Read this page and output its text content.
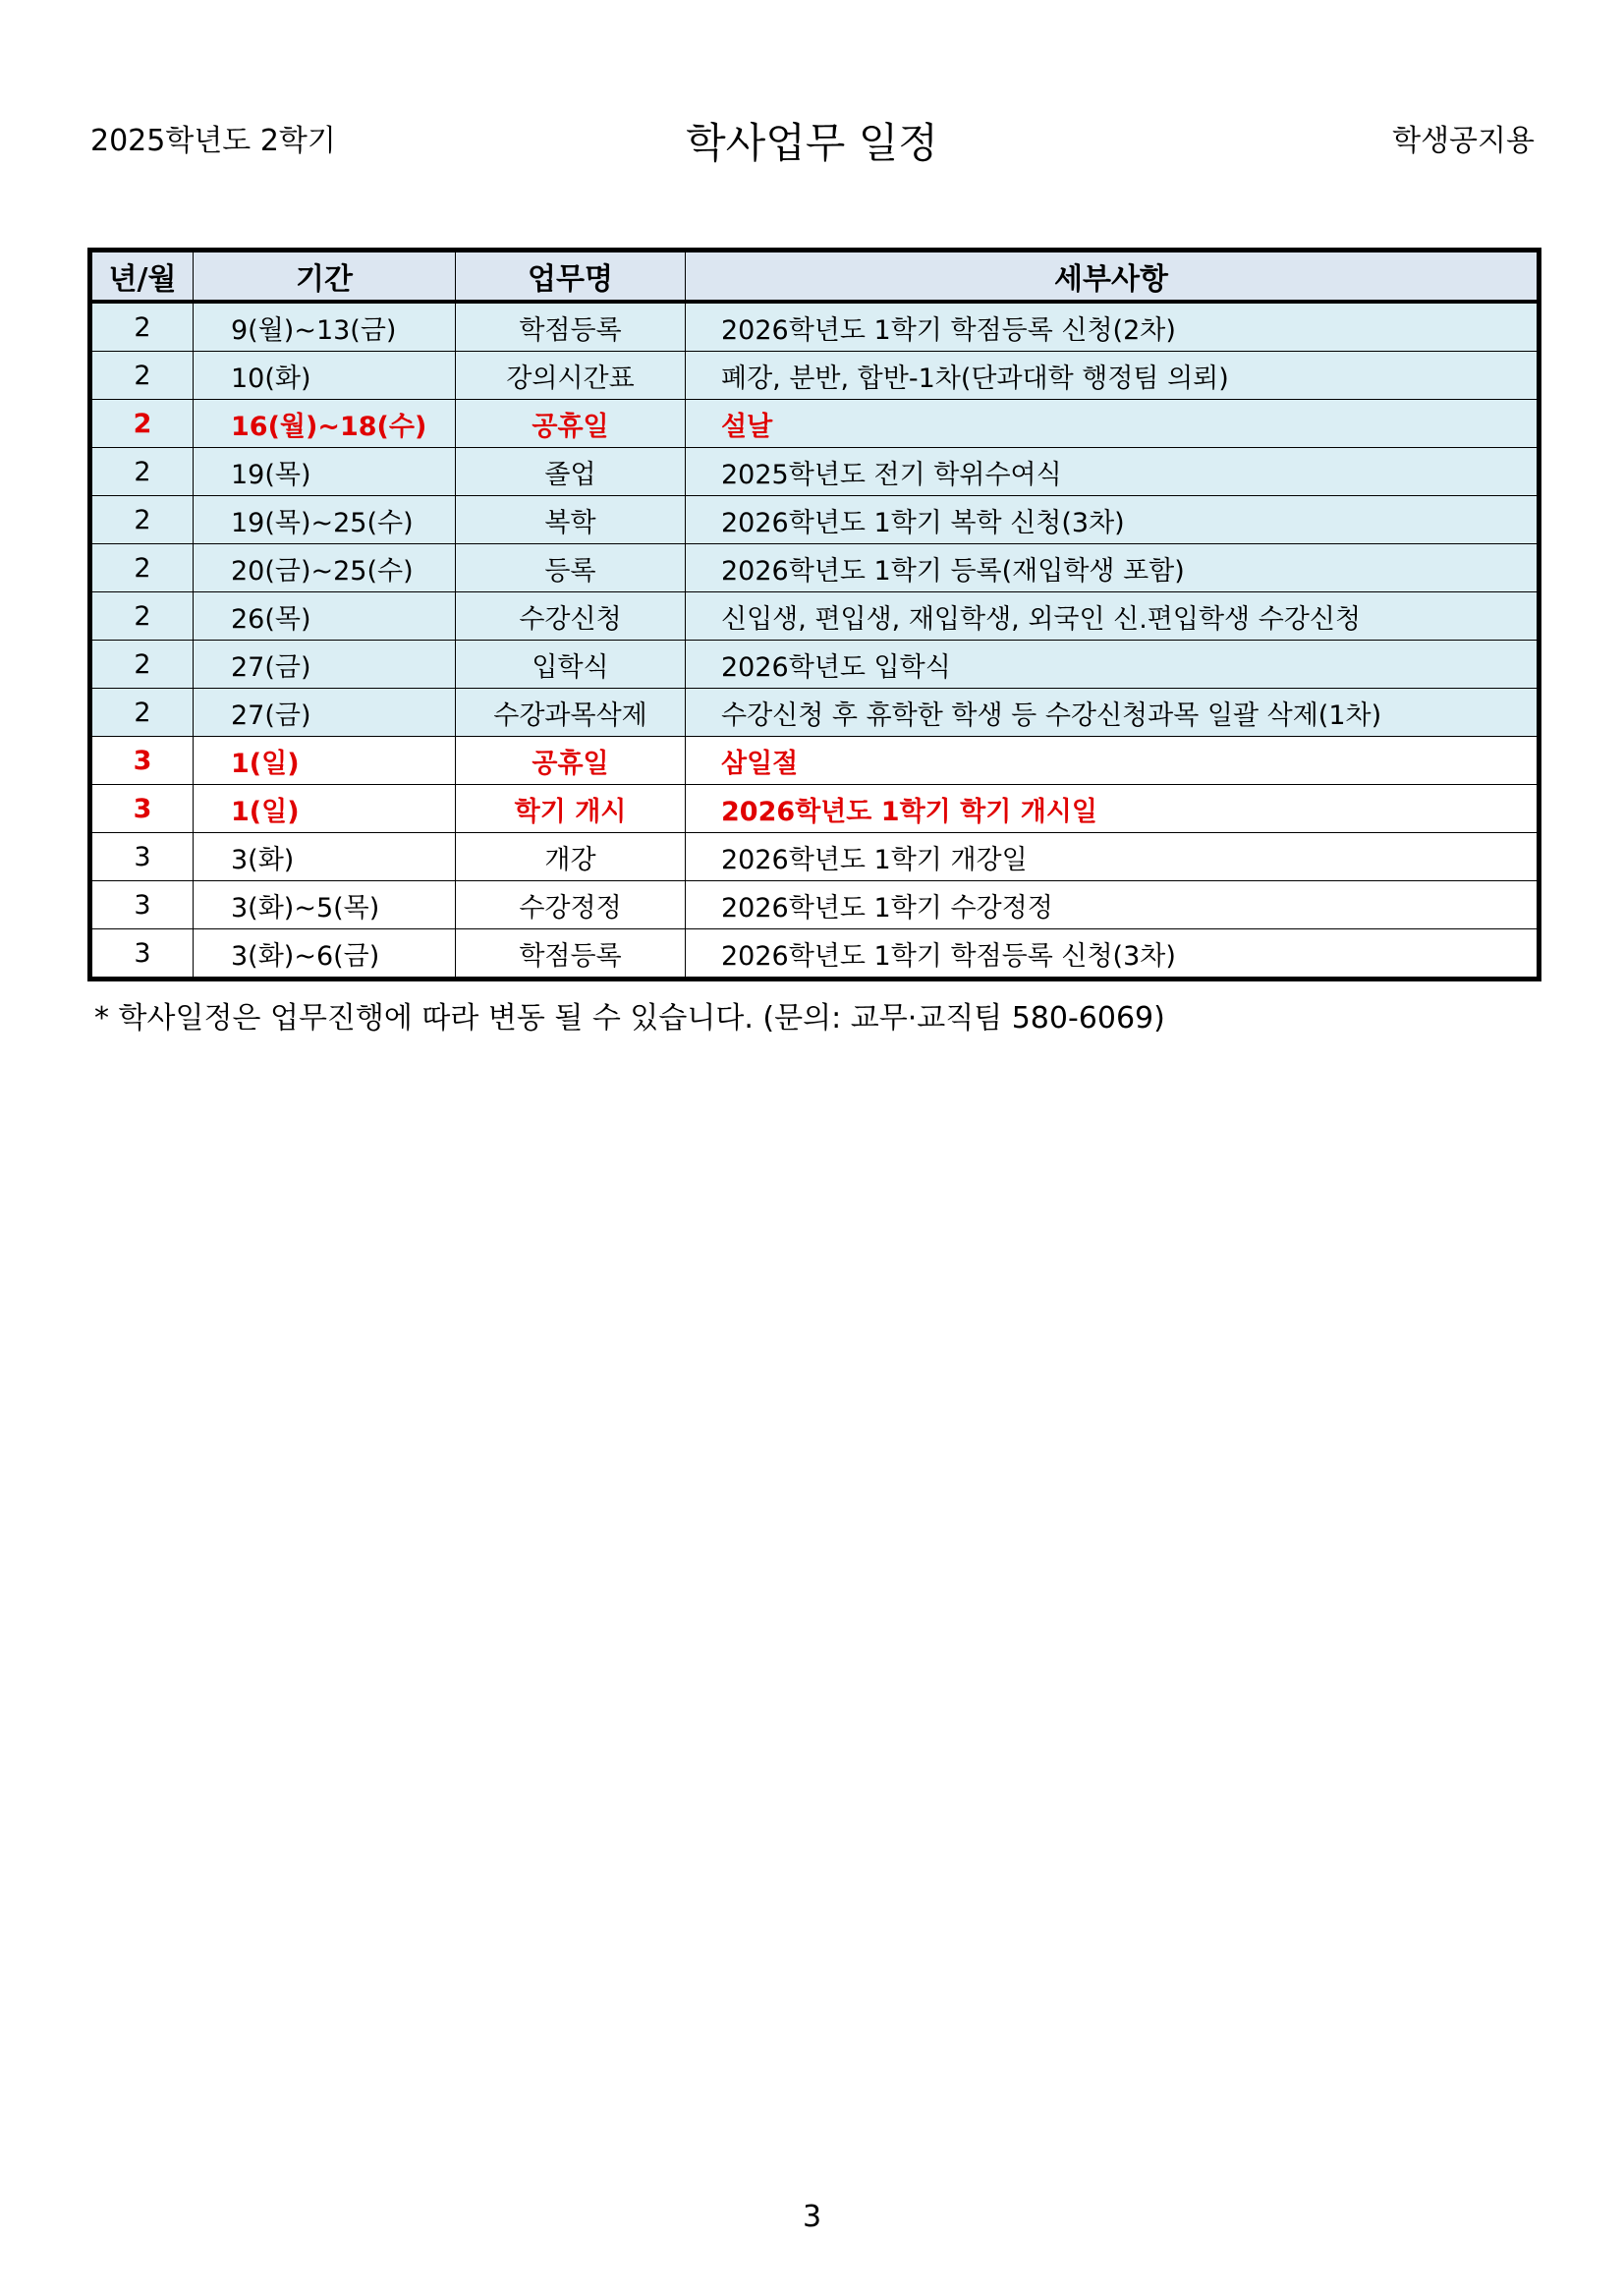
2025학년도 2학기	학사업무 일정	학생공지용
년/월	기간	업무명	세부사항
2	9(월)~13(금)	학점등록	2026학년도 1학기 학점등록 신청(2차)
2	10(화)	강의시간표	폐강, 분반, 합반-1차(단과대학 행정팀 의뢰)
2	16(월)~18(수)	공휴일	설날
2	19(목)	졸업	2025학년도 전기 학위수여식
2	19(목)~25(수)	복학	2026학년도 1학기 복학 신청(3차)
2	20(금)~25(수)	등록	2026학년도 1학기 등록(재입학생 포함)
2	26(목)	수강신청	신입생, 편입생, 재입학생, 외국인 신.편입학생 수강신청
2	27(금)	입학식	2026학년도 입학식
2	27(금)	수강과목삭제	수강신청 후 휴학한 학생 등 수강신청과목 일괄 삭제(1차)
3	1(일)	공휴일	삼일절
3	1(일)	학기 개시	2026학년도 1학기 학기 개시일
3	3(화)	개강	2026학년도 1학기 개강일
3	3(화)~5(목)	수강정정	2026학년도 1학기 수강정정
3	3(화)~6(금)	학점등록	2026학년도 1학기 학점등록 신청(3차)
* 학사일정은 업무진행에 따라 변동 될 수 있습니다. (문의: 교무·교직팀 580-6069)
3
